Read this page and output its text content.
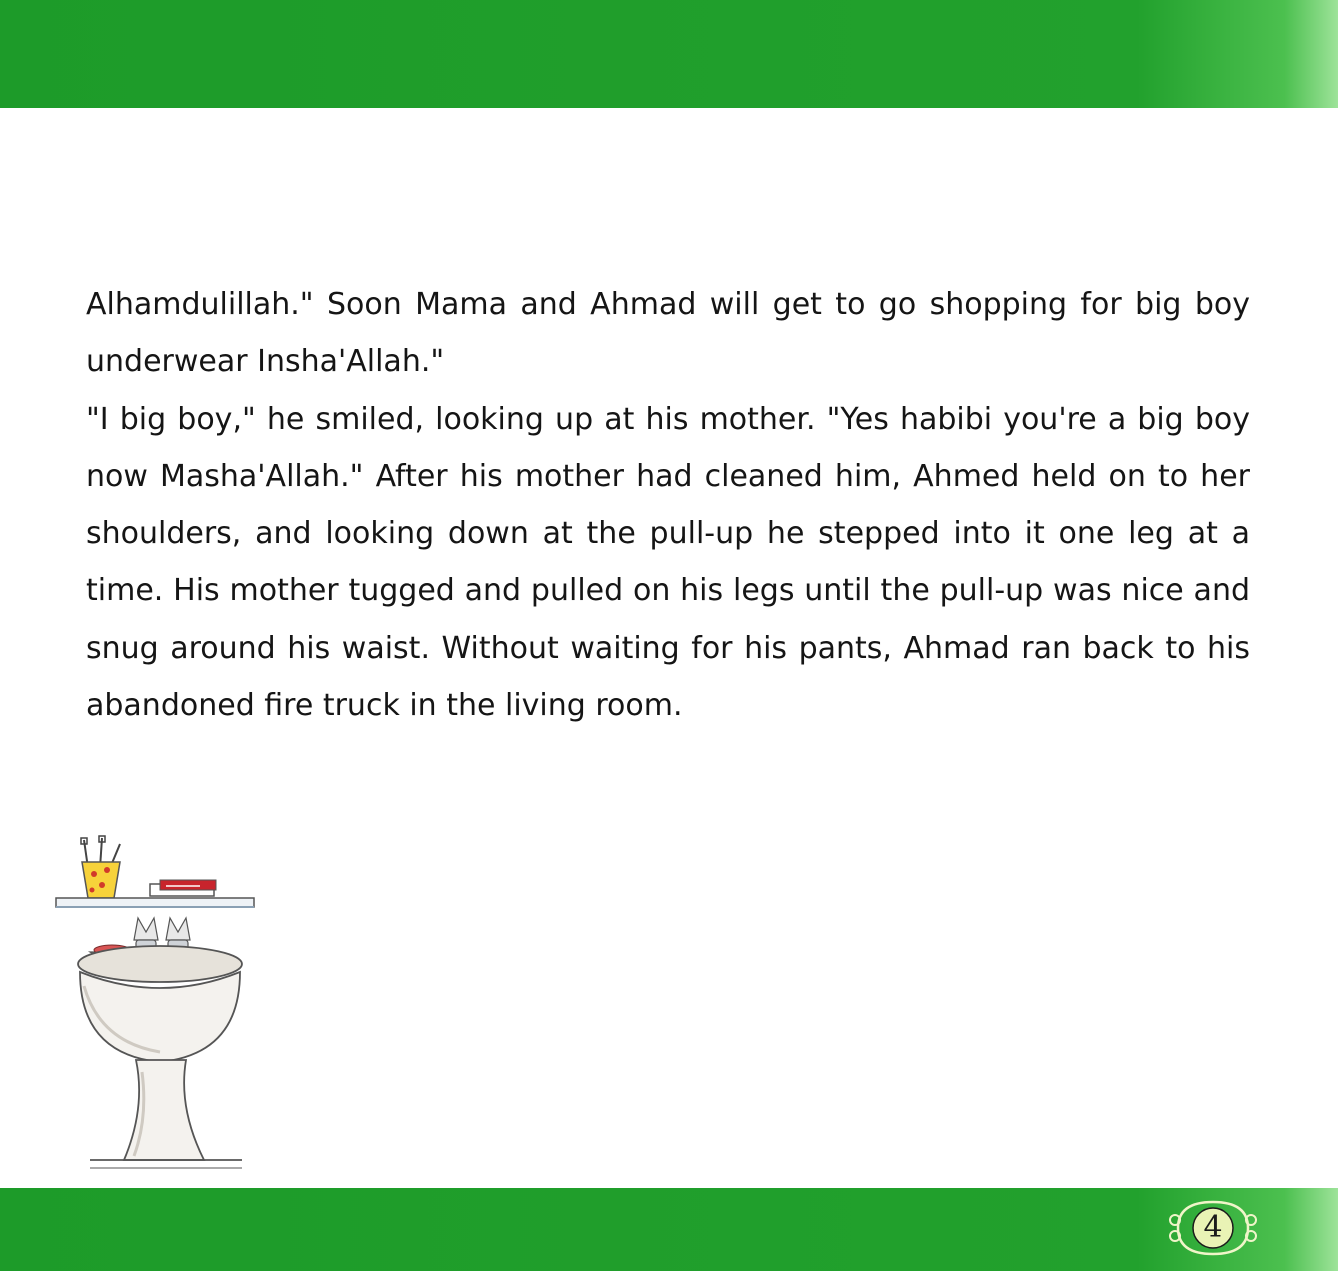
Alhamdulillah." Soon Mama and Ahmad will get to go shopping for big boy underwear Insha'Allah."

"I big boy," he smiled, looking up at his mother. "Yes habibi you're a big boy now Masha'Allah." After his mother had cleaned him, Ahmed held on to her shoulders, and looking down at the pull-up he stepped into it one leg at a time. His mother tugged and pulled on his legs until the pull-up was nice and snug around his waist. Without waiting for his pants, Ahmad ran back to his abandoned fire truck in the living room.

4
